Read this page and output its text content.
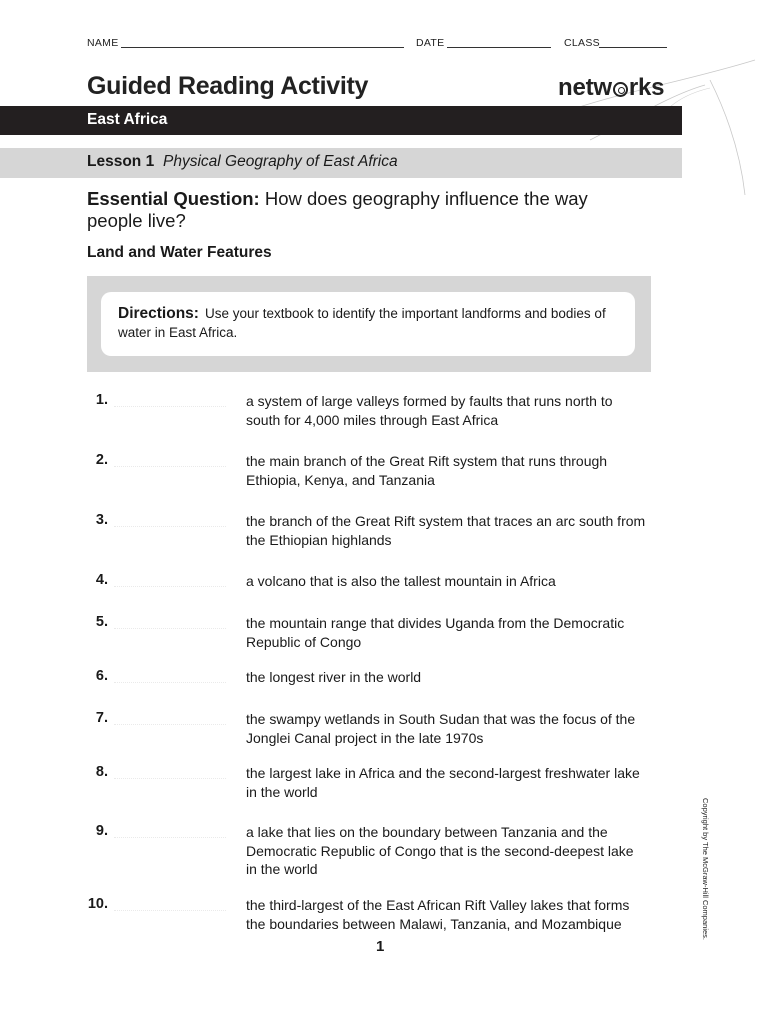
NAME	DATE	CLASS
Guided Reading Activity	netw rks
East Africa
Lesson 1 Physical Geography of East Africa
Essential Question: How does geography influence the way people live?
Land and Water Features
Directions: Use your textbook to identify the important landforms and bodies of water in East Africa.
1.	a system of large valleys formed by faults that runs north to south for 4,000 miles through East Africa
2.	the main branch of the Great Rift system that runs through Ethiopia, Kenya, and Tanzania
3.	the branch of the Great Rift system that traces an arc south from the Ethiopian highlands
4.	a volcano that is also the tallest mountain in Africa
5.	the mountain range that divides Uganda from the Democratic Republic of Congo
6.	the longest river in the world
7.	the swampy wetlands in South Sudan that was the focus of the Jonglei Canal project in the late 1970s
8.	the largest lake in Africa and the second-largest freshwater lake in the world
9.	a lake that lies on the boundary between Tanzania and the Democratic Republic of Congo that is the second-deepest lake in the world
10.	the third-largest of the East African Rift Valley lakes that forms the boundaries between Malawi, Tanzania, and Mozambique
1
Copyright by The McGraw-Hill Companies.
